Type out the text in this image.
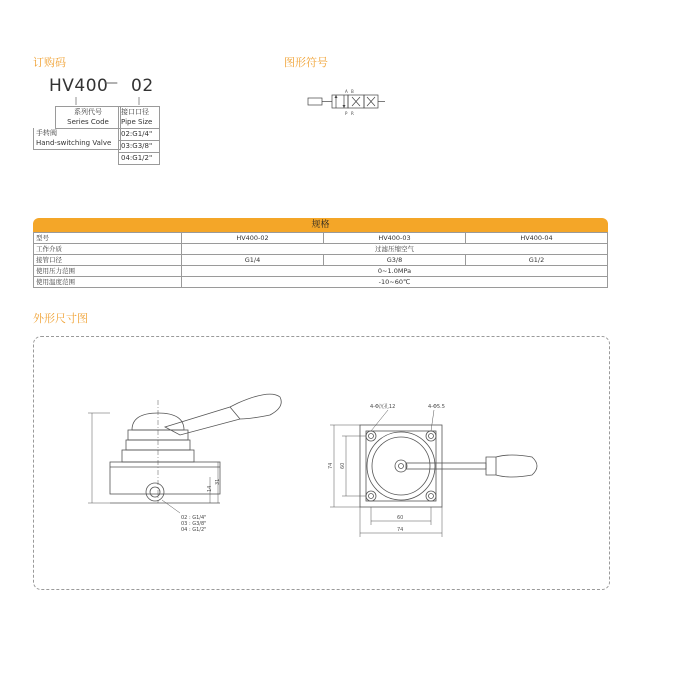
订购码
HV400
— 02
系列代号
Series Code
手转阀
Hand-switching Valve
接口口径
Pipe Size
02:G1/4"
03:G3/8"
04:G1/2"
图形符号
A B
P R
规格
型号	HV400-02	HV400-03	HV400-04
工作介质	过滤压缩空气		
接管口径	G1/4	G3/8	G1/2
使用压力范围	0~1.0MPa		
使用温度范围	-10~60℃		
外形尺寸图
14
31
02 : G1/4"
03 : G3/8"
04 : G1/2"
4-Φ沉孔12	4-Φ5.5
74 60
60
74
